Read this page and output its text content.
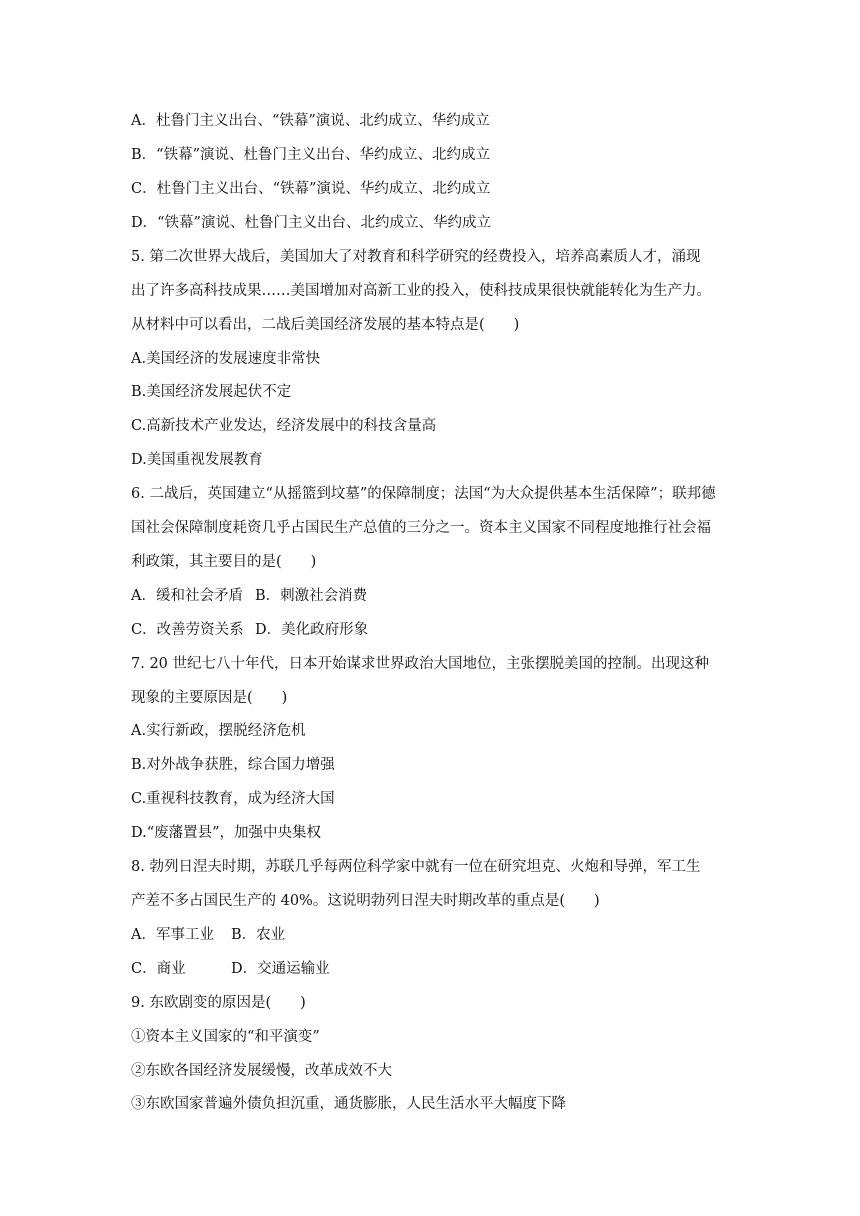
A．杜鲁门主义出台、“铁幕”演说、北约成立、华约成立
B．“铁幕”演说、杜鲁门主义出台、华约成立、北约成立
C．杜鲁门主义出台、“铁幕”演说、华约成立、北约成立
D．“铁幕”演说、杜鲁门主义出台、北约成立、华约成立
5. 第二次世界大战后，美国加大了对教育和科学研究的经费投入，培养高素质人才，涌现
出了许多高科技成果……美国增加对高新工业的投入，使科技成果很快就能转化为生产力。
从材料中可以看出，二战后美国经济发展的基本特点是(　　)
A.美国经济的发展速度非常快
B.美国经济发展起伏不定
C.高新技术产业发达，经济发展中的科技含量高
D.美国重视发展教育
6. 二战后，英国建立“从摇篮到坟墓”的保障制度；法国“为大众提供基本生活保障”；联邦德
国社会保障制度耗资几乎占国民生产总值的三分之一。资本主义国家不同程度地推行社会福
利政策，其主要目的是(　　)
A．缓和社会矛盾 B．刺激社会消费
C．改善劳资关系 D．美化政府形象
7. 20 世纪七八十年代，日本开始谋求世界政治大国地位，主张摆脱美国的控制。出现这种
现象的主要原因是(　　)
A.实行新政，摆脱经济危机
B.对外战争获胜，综合国力增强
C.重视科技教育，成为经济大国
D.“废藩置县”，加强中央集权
8. 勃列日涅夫时期，苏联几乎每两位科学家中就有一位在研究坦克、火炮和导弹，军工生
产差不多占国民生产的 40%。这说明勃列日涅夫时期改革的重点是(　　)
A．军事工业 B．农业
C．商业	D．交通运输业
9. 东欧剧变的原因是(　　)
①资本主义国家的“和平演变”
②东欧各国经济发展缓慢，改革成效不大
③东欧国家普遍外债负担沉重，通货膨胀，人民生活水平大幅度下降
